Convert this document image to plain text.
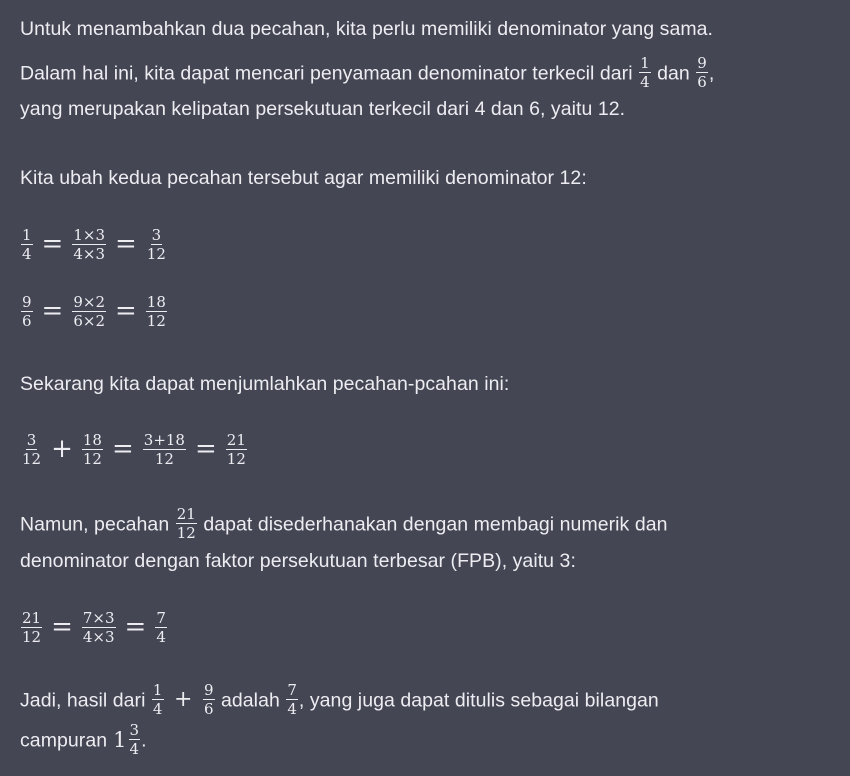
Untuk menambahkan dua pecahan, kita perlu memiliki denominator yang sama.
Dalam hal ini, kita dapat mencari penyamaan denominator terkecil dari $\frac{1}{4}$ dan $\frac{9}{6}$ ,
yang merupakan kelipatan persekutuan terkecil dari 4 dan 6, yaitu 12.
Kita ubah kedua pecahan tersebut agar memiliki denominator 12:
$\frac{1}{4} = \frac{1\times 3}{4\times 3} = \frac{3}{12}$
$\frac{9}{6} = \frac{9\times 2}{6\times 2} = \frac{18}{12}$
Sekarang kita dapat menjumlahkan pecahan-pcahan ini:
$\frac{3}{12} + \frac{18}{12} = \frac{3+18}{12} = \frac{21}{12}$
Namun, pecahan $\frac{21}{12}$ dapat disederhanakan dengan membagi numerik dan
denominator dengan faktor persekutuan terbesar (FPB), yaitu 3:
$\frac{21}{12} = \frac{7\times 3}{4\times 3} = \frac{7}{4}$
Jadi, hasil dari $\frac{1}{4} + \frac{9}{6}$ adalah $\frac{7}{4}$ , yang juga dapat ditulis sebagai bilangan
campuran $1 \frac{3}{4}$ .
